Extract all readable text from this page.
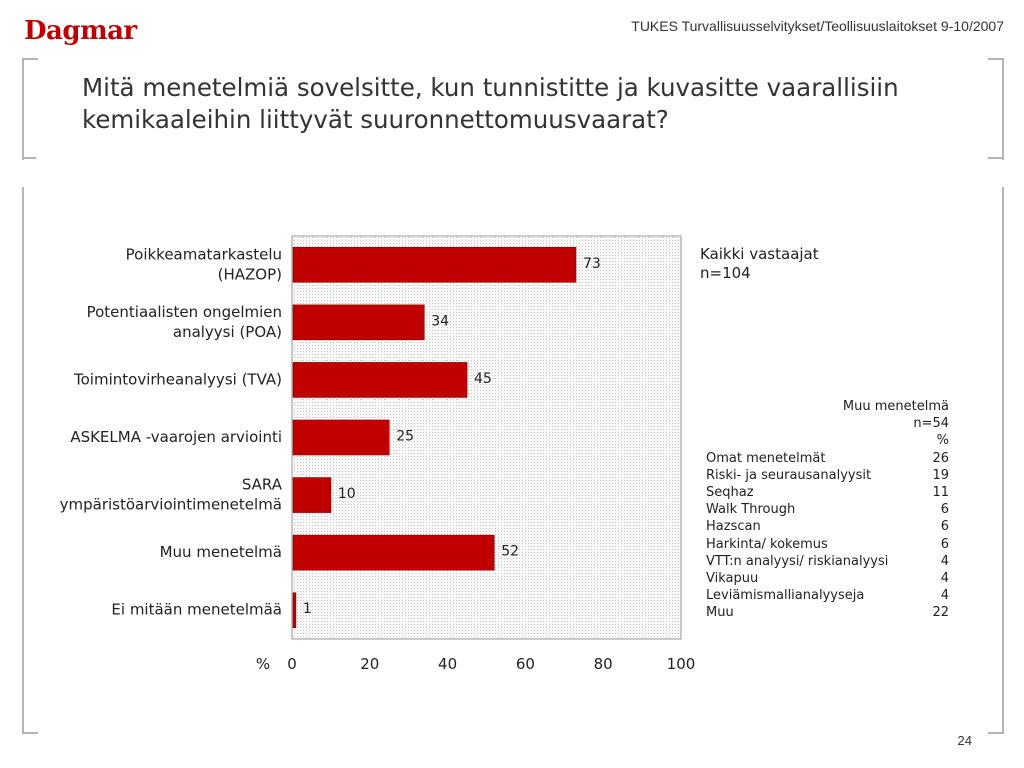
Dagmar	TUKES Turvallisuusselvitykset/Teollisuuslaitokset 9-10/2007
Mitä menetelmiä sovelsitte, kun tunnistitte ja kuvasitte vaarallisiin kemikaaleihin liittyvät suuronnettomuusvaarat?
73
34
45
25
10
52
1
Poikkeamatarkastelu
(HAZOP)
Potentiaalisten ongelmien
analyysi (POA)
Toimintovirheanalyysi (TVA)
ASKELMA -vaarojen arviointi
SARA
ympäristöarviointimenetelmä
Muu menetelmä
Ei mitään menetelmää
0	20	40	60	80	100
%
Kaikki vastaajat
n=104
Muu menetelmä
n=54
%
Omat menetelmät	26
Riski- ja seurausanalyysit	19
Seqhaz	11
Walk Through	6
Hazscan	6
Harkinta/ kokemus	6
VTT:n analyysi/ riskianalyysi	4
Vikapuu	4
Leviämismallianalyyseja	4
Muu	22
24
